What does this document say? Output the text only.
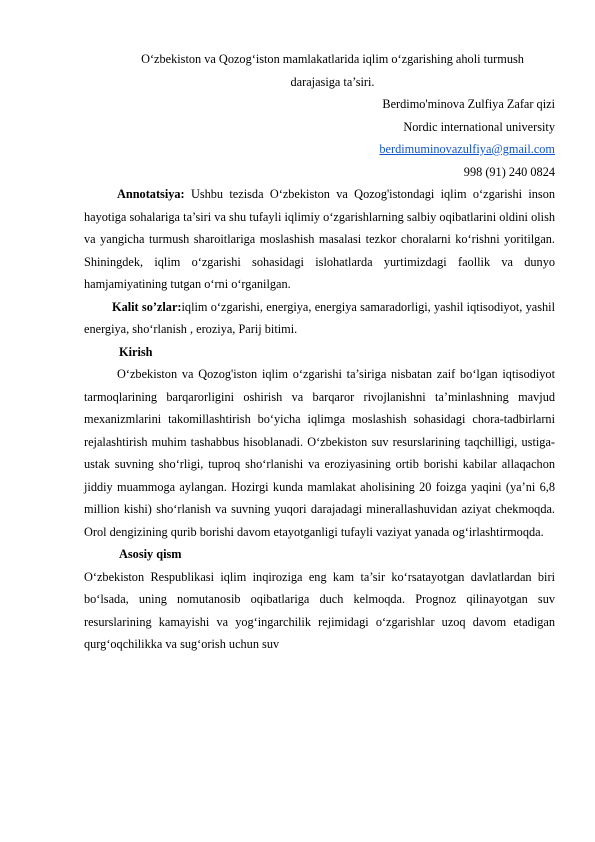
O‘zbekiston va Qozog‘iston mamlakatlarida iqlim o‘zgarishing aholi turmush
darajasiga ta’siri.
Berdimo'minova Zulfiya Zafar qizi
Nordic international university
berdimuminovazulfiya@gmail.com
998 (91) 240 0824
Annotatsiya: Ushbu tezisda O‘zbekiston va Qozog'istondagi iqlim o‘zgarishi inson hayotiga sohalariga ta’siri va shu tufayli iqlimiy o‘zgarishlarning salbiy oqibatlarini oldini olish va yangicha turmush sharoitlariga moslashish masalasi tezkor choralarni ko‘rishni yoritilgan. Shiningdek, iqlim o‘zgarishi sohasidagi islohatlarda yurtimizdagi faollik va dunyo hamjamiyatining tutgan o‘rni o‘rganilgan.
Kalit so’zlar:iqlim o‘zgarishi, energiya, energiya samaradorligi, yashil iqtisodiyot, yashil energiya, sho‘rlanish , eroziya, Parij bitimi.
Kirish
O‘zbekiston va Qozog'iston iqlim o‘zgarishi ta’siriga nisbatan zaif bo‘lgan iqtisodiyot tarmoqlarining barqarorligini oshirish va barqaror rivojlanishni ta’minlashning mavjud mexanizmlarini takomillashtirish bo‘yicha iqlimga moslashish sohasidagi chora-tadbirlarni rejalashtirish muhim tashabbus hisoblanadi. O‘zbekiston suv resurslarining taqchilligi, ustiga-ustak suvning sho‘rligi, tuproq sho‘rlanishi va eroziyasining ortib borishi kabilar allaqachon jiddiy muammoga aylangan. Hozirgi kunda mamlakat aholisining 20 foizga yaqini (ya’ni 6,8 million kishi) sho‘rlanish va suvning yuqori darajadagi minerallashuvidan aziyat chekmoqda. Orol dengizining qurib borishi davom etayotganligi tufayli vaziyat yanada og‘irlashtirmoqda.
Asosiy qism
O‘zbekiston Respublikasi iqlim inqiroziga eng kam ta’sir ko‘rsatayotgan davlatlardan biri bo‘lsada, uning nomutanosib oqibatlariga duch kelmoqda. Prognoz qilinayotgan suv resurslarining kamayishi va yog‘ingarchilik rejimidagi o‘zgarishlar uzoq davom etadigan qurg‘oqchilikka va sug‘orish uchun suv
